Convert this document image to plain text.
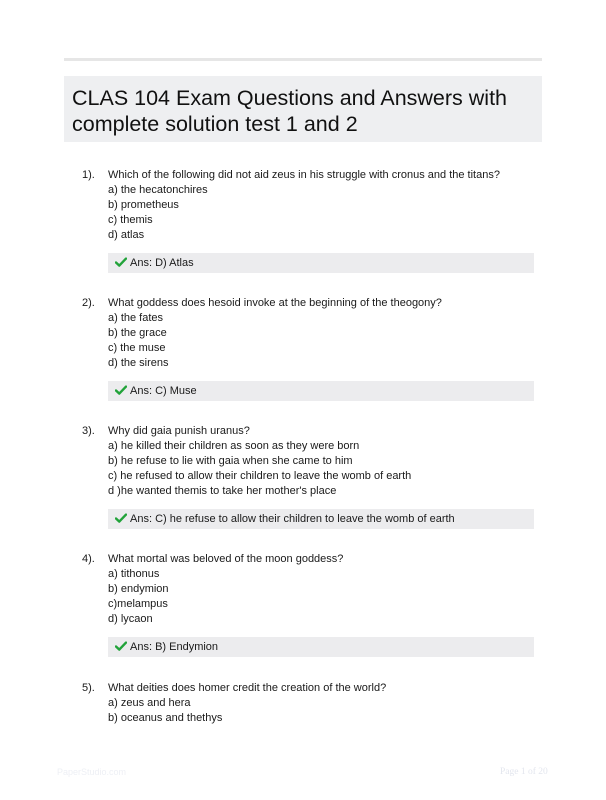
CLAS 104 Exam Questions and Answers with complete solution test 1 and 2
1). Which of the following did not aid zeus in his struggle with cronus and the titans?
a) the hecatonchires
b) prometheus
c) themis
d) atlas
Ans: D) Atlas
2). What goddess does hesoid invoke at the beginning of the theogony?
a) the fates
b) the grace
c) the muse
d) the sirens
Ans: C) Muse
3). Why did gaia punish uranus?
a) he killed their children as soon as they were born
b) he refuse to lie with gaia when she came to him
c) he refused to allow their children to leave the womb of earth
d )he wanted themis to take her mother's place
Ans: C) he refuse to allow their children to leave the womb of earth
4). What mortal was beloved of the moon goddess?
a) tithonus
b) endymion
c)melampus
d) lycaon
Ans: B) Endymion
5). What deities does homer credit the creation of the world?
a) zeus and hera
b) oceanus and thethys
PaperStudio.com	Page 1 of 20
